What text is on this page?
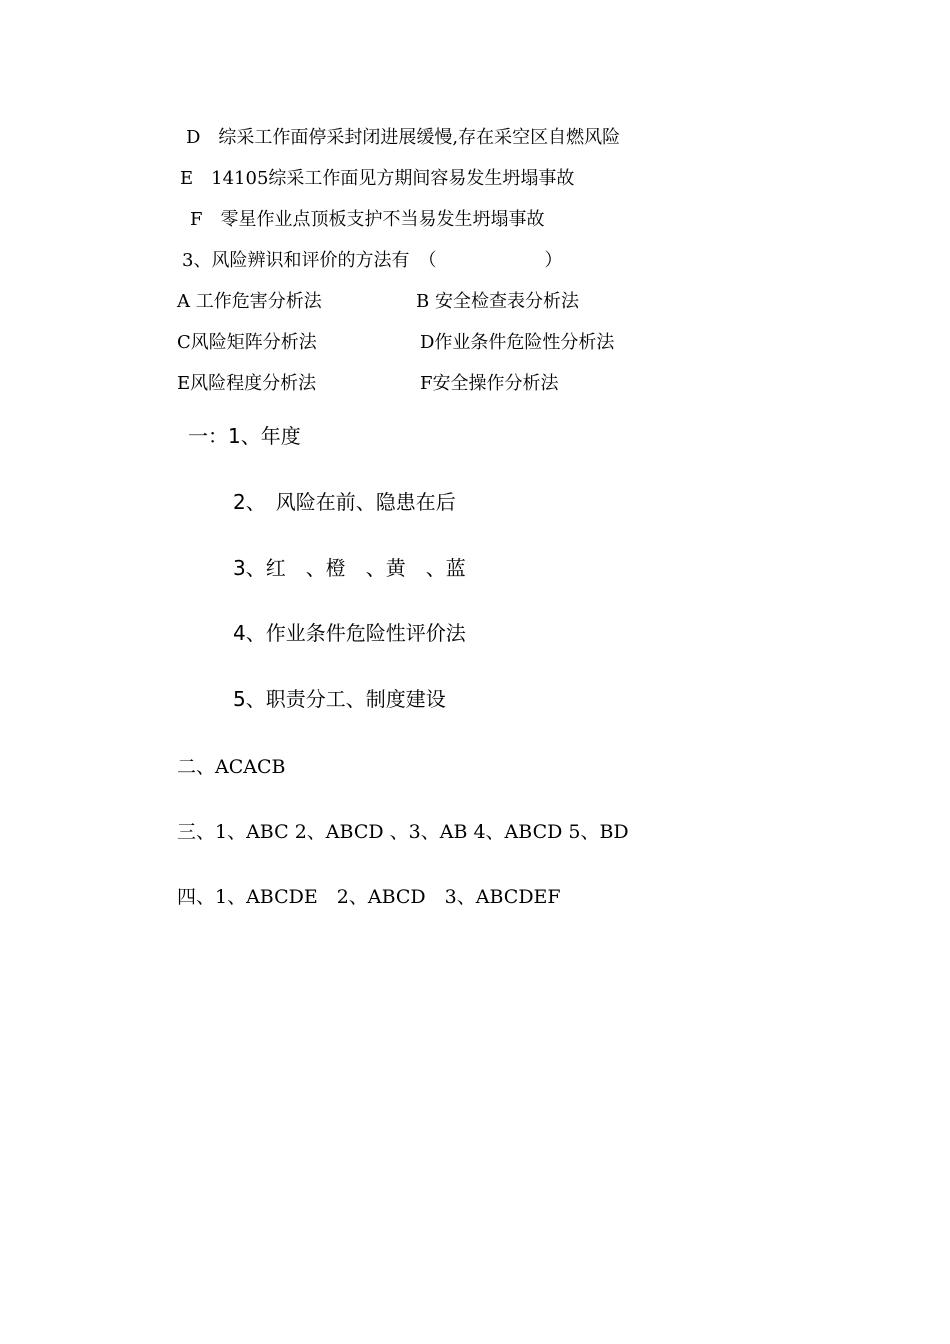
D　综采工作面停采封闭进展缓慢,存在采空区自燃风险
E　14105综采工作面见方期间容易发生坍塌事故
F　零星作业点顶板支护不当易发生坍塌事故
3、风险辨识和评价的方法有　（　　　　　　）
A 工作危害分析法	B 安全检查表分析法
C风险矩阵分析法	D作业条件危险性分析法
E风险程度分析法	F安全操作分析法
一：1、年度
2、　风险在前、隐患在后
3、红　、橙　、黄　、蓝
4、作业条件危险性评价法
5、职责分工、制度建设
二、ACACB
三、1、ABC 2、ABCD 、3、AB 4、ABCD 5、BD
四、1、ABCDE　2、ABCD　3、ABCDEF
